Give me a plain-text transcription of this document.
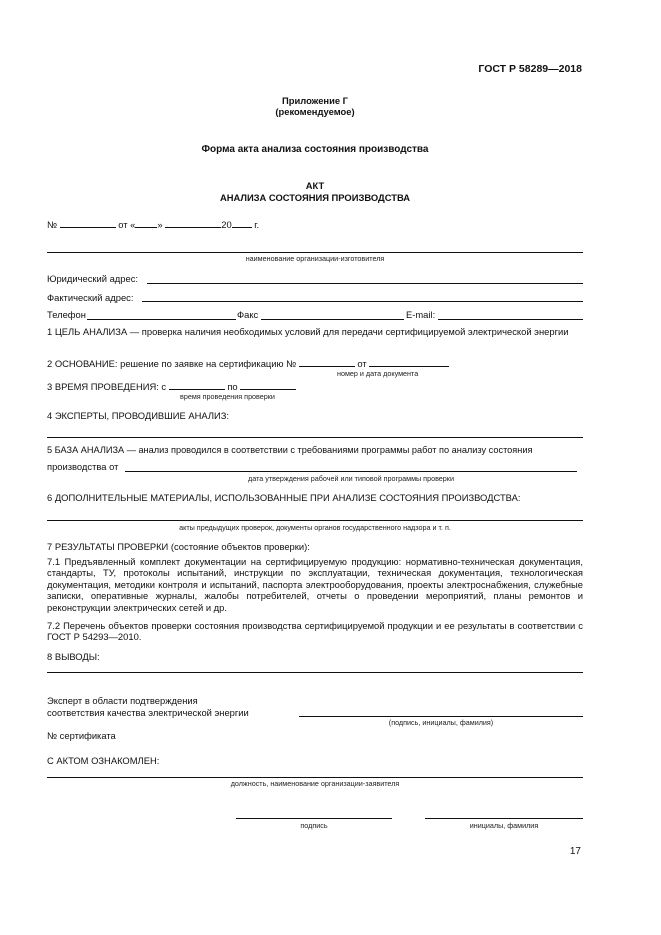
ГОСТ Р 58289—2018
Приложение Г
(рекомендуемое)
Форма акта анализа состояния производства
АКТ
АНАЛИЗА СОСТОЯНИЯ ПРОИЗВОДСТВА
№	от « »	20 г.
наименование организации-изготовителя
Юридический адрес:
Фактический адрес:
Телефон	Факс	E-mail:
1 ЦЕЛЬ АНАЛИЗА — проверка наличия необходимых условий для передачи сертифицируемой электрической энергии
2 ОСНОВАНИЕ: решение по заявке на сертификацию №	от
номер и дата документа
3 ВРЕМЯ ПРОВЕДЕНИЯ: с	по
время проведения проверки
4 ЭКСПЕРТЫ, ПРОВОДИВШИЕ АНАЛИЗ:
5 БАЗА АНАЛИЗА — анализ проводился в соответствии с требованиями программы работ по анализу состояния
производства от
дата утверждения рабочей или типовой программы проверки
6 ДОПОЛНИТЕЛЬНЫЕ МАТЕРИАЛЫ, ИСПОЛЬЗОВАННЫЕ ПРИ АНАЛИЗЕ СОСТОЯНИЯ ПРОИЗВОДСТВА:
акты предыдущих проверок, документы органов государственного надзора и т. п.
7 РЕЗУЛЬТАТЫ ПРОВЕРКИ (состояние объектов проверки):
7.1 Предъявленный комплект документации на сертифицируемую продукцию: нормативно-техническая документация, стандарты, ТУ, протоколы испытаний, инструкции по эксплуатации, техническая документация, технологическая документация, методики контроля и испытаний, паспорта электрооборудования, проекты электроснабжения, служебные записки, оперативные журналы, жалобы потребителей, отчеты о проведении мероприятий, планы ремонтов и реконструкции электрических сетей и др.
7.2 Перечень объектов проверки состояния производства сертифицируемой продукции и ее результаты в соответствии с ГОСТ Р 54293—2010.
8 ВЫВОДЫ:
Эксперт в области подтверждения
соответствия качества электрической энергии
(подпись, инициалы, фамилия)
№ сертификата
С АКТОМ ОЗНАКОМЛЕН:
должность, наименование организации-заявителя
подпись	инициалы, фамилия
17
